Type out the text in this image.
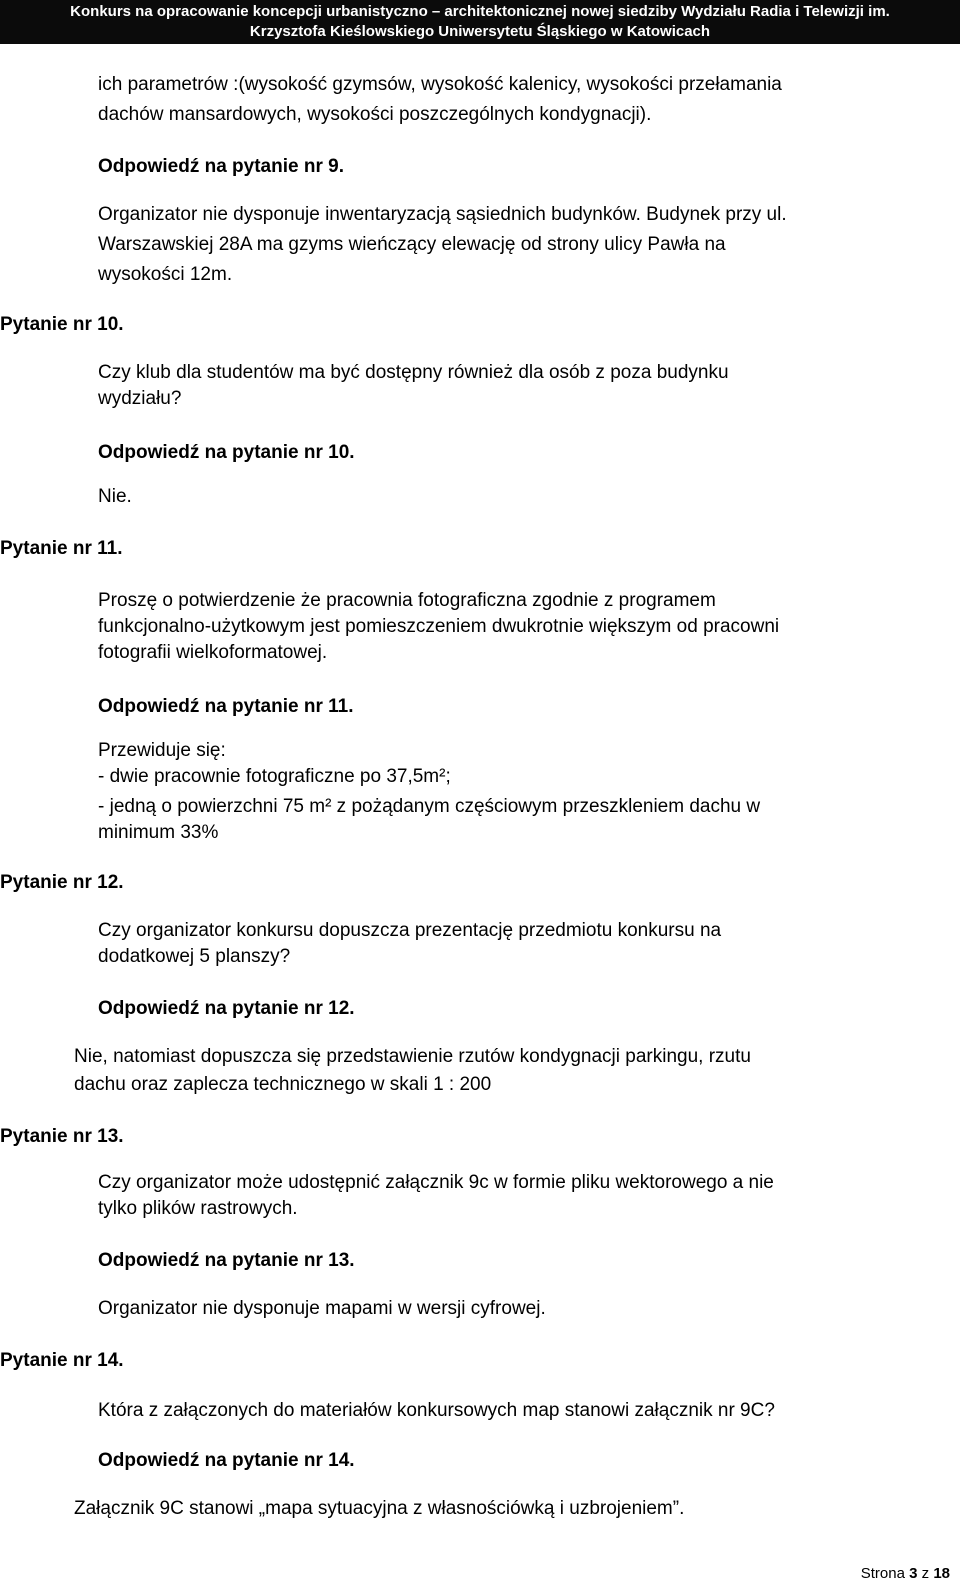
Konkurs na opracowanie koncepcji urbanistyczno – architektonicznej nowej siedziby Wydziału Radia i Telewizji im.
Krzysztofa Kieślowskiego Uniwersytetu Śląskiego w Katowicach

ich parametrów :(wysokość gzymsów, wysokość kalenicy, wysokości przełamania

dachów mansardowych, wysokości poszczególnych kondygnacji).

Odpowiedź na pytanie nr 9.

Organizator nie dysponuje inwentaryzacją sąsiednich budynków. Budynek przy ul.

Warszawskiej 28A ma gzyms wieńczący elewację od strony ulicy Pawła na

wysokości 12m.

Pytanie nr 10.

Czy klub dla studentów ma być dostępny również dla osób z poza budynku

wydziału?

Odpowiedź na pytanie nr 10.

Nie.

Pytanie nr 11.

Proszę o potwierdzenie że pracownia fotograficzna zgodnie z programem

funkcjonalno-użytkowym jest pomieszczeniem dwukrotnie większym od pracowni

fotografii wielkoformatowej.

Odpowiedź na pytanie nr 11.

Przewiduje się:

- dwie pracownie fotograficzne po 37,5m²;

- jedną o powierzchni 75 m² z pożądanym częściowym przeszkleniem dachu w

minimum 33%

Pytanie nr 12.

Czy organizator konkursu dopuszcza prezentację przedmiotu konkursu na

dodatkowej 5 planszy?

Odpowiedź na pytanie nr 12.

Nie, natomiast dopuszcza się przedstawienie rzutów kondygnacji parkingu, rzutu

dachu oraz zaplecza technicznego w skali 1 : 200

Pytanie nr 13.

Czy organizator może udostępnić załącznik 9c w formie pliku wektorowego a nie

tylko plików rastrowych.

Odpowiedź na pytanie nr 13.

Organizator nie dysponuje mapami w wersji cyfrowej.

Pytanie nr 14.

Która z załączonych do materiałów konkursowych map stanowi załącznik nr 9C?

Odpowiedź na pytanie nr 14.

Załącznik 9C stanowi „mapa sytuacyjna z własnościówką i uzbrojeniem”.

Strona 3 z 18
